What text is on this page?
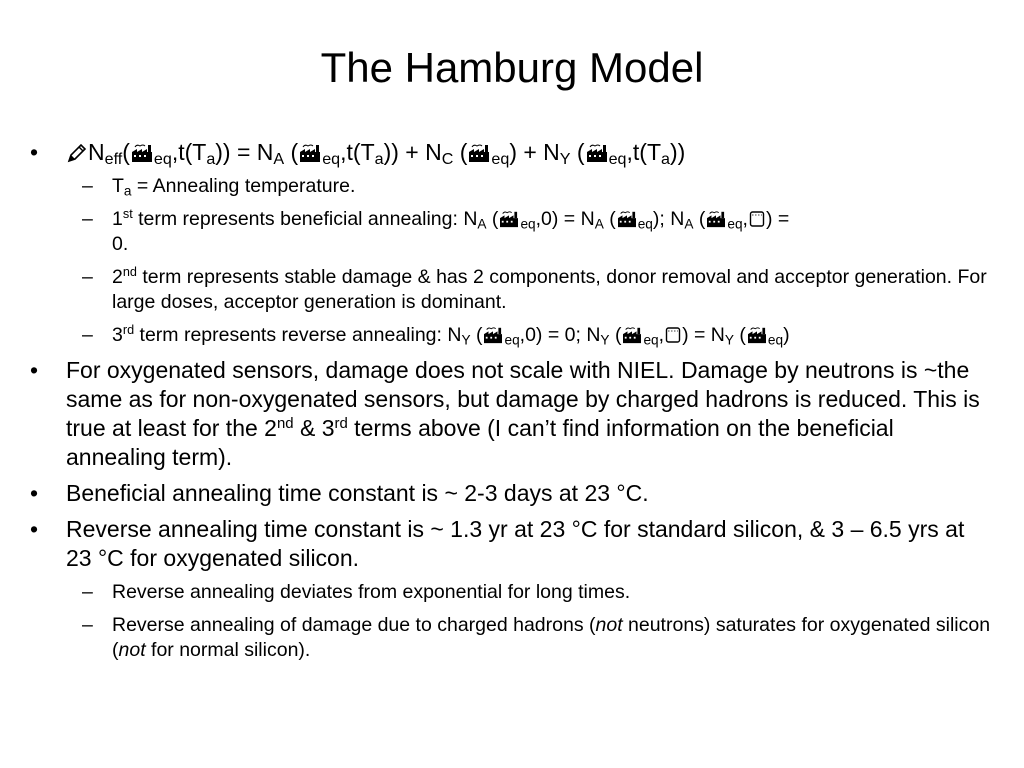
The Hamburg Model
•	$N_{eff}$( $_{eq},t(T_a)) = N_A$ ( $_{eq},t(T_a)) + N_C$ ( $_{eq}) + N_Y$ ( $_{eq},t(T_a)$)
– $T_a$ = Annealing temperature.
– 1st term represents beneficial annealing: $N_A$ ( $_{eq},0) = N_A$ ( $_{eq}$); $N_A$ ( $_{eq}$, ) =
0.
– 2nd term represents stable damage & has 2 components, donor removal and acceptor generation. For large doses, acceptor generation is dominant.
– 3rd term represents reverse annealing: $N_Y$ ( $_{eq}$,0) = 0; $N_Y$ ( $_{eq}$, ) = $N_Y$ ( $_{eq}$)
•	For oxygenated sensors, damage does not scale with NIEL. Damage by neutrons is ~the same as for non-oxygenated sensors, but damage by charged hadrons is reduced. This is true at least for the 2nd & 3rd terms above (I can’t find information on the beneficial annealing term).
•	Beneficial annealing time constant is ~ 2-3 days at 23 °C.
•	Reverse annealing time constant is ~ 1.3 yr at 23 °C for standard silicon, & 3 – 6.5 yrs at 23 °C for oxygenated silicon.
– Reverse annealing deviates from exponential for long times.
– Reverse annealing of damage due to charged hadrons (not neutrons) saturates for oxygenated silicon (not for normal silicon).
